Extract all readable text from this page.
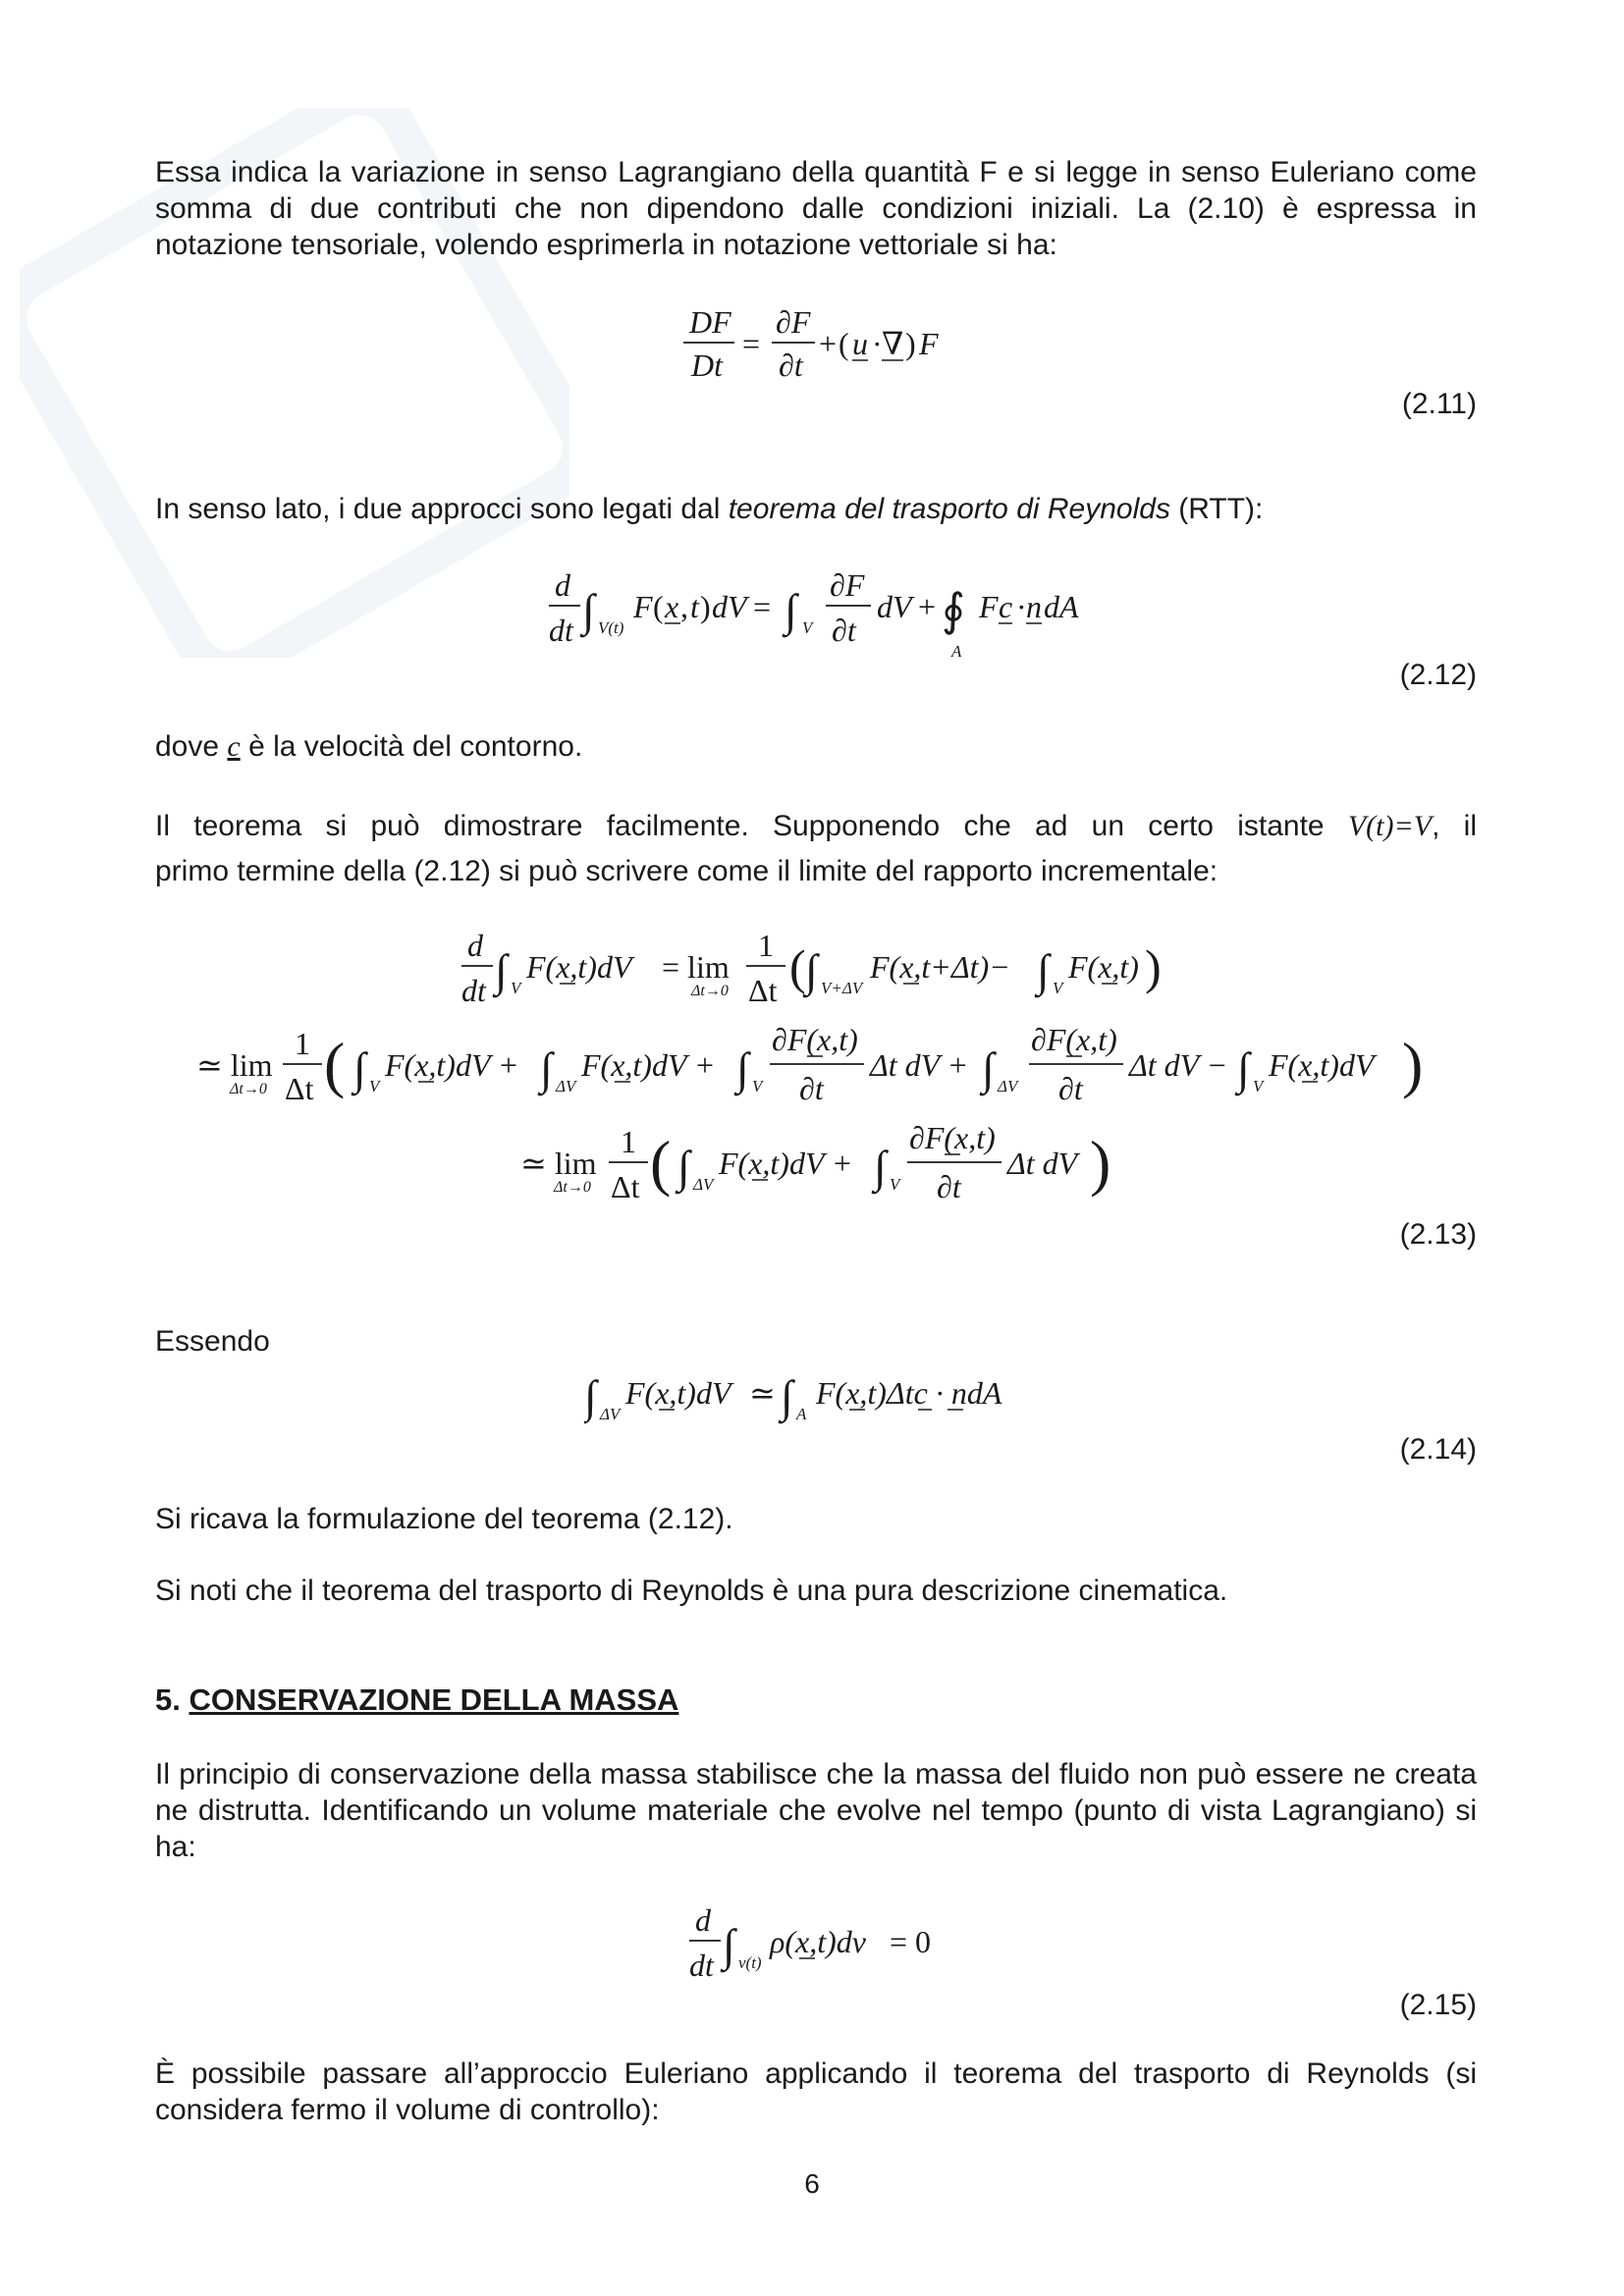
Essa indica la variazione in senso Lagrangiano della quantità F e si legge in senso Euleriano come somma di due contributi che non dipendono dalle condizioni iniziali. La (2.10) è espressa in notazione tensoriale, volendo esprimerla in notazione vettoriale si ha:

DF
Dt
=
∂F
∂t
+ ( u · ∇ ) F
(2.11)

In senso lato, i due approcci sono legati dal teorema del trasporto di Reynolds (RTT):

d
dt ∫ V(t)
F ( x , t ) dV = ∫ V
∂F
∂t
dV + ∮
A
F c · n dA
(2.12)

dove c è la velocità del contorno.

Il teorema si può dimostrare facilmente. Supponendo che ad un certo istante V(t)=V, il

primo termine della (2.12) si può scrivere come il limite del rapporto incrementale:

d
dt ∫ V
F(x,t)dV = lim
Δt→0
1
Δt ( ∫ V+ΔV
F(x,t+Δt)− ∫ V
F(x,t) )
≃ lim
Δt→0
1
Δt ( ∫ V
F(x,t)dV + ∫ ΔV
F(x,t)dV + ∫ V
∂F(x,t)
∂t
Δt dV + ∫ ΔV
∂F(x,t)
∂t
Δt dV − ∫ V
F(x,t)dV )
≃ lim
Δt→0
1
Δt ( ∫ ΔV
F(x,t)dV + ∫ V
∂F(x,t)
∂t
Δt dV )
(2.13)

Essendo

∫ ΔV
F(x,t)dV ≃ ∫ A
F(x,t)Δtc · ndA
(2.14)

Si ricava la formulazione del teorema (2.12).

Si noti che il teorema del trasporto di Reynolds è una pura descrizione cinematica.

5. CONSERVAZIONE DELLA MASSA

Il principio di conservazione della massa stabilisce che la massa del fluido non può essere ne creata ne distrutta. Identificando un volume materiale che evolve nel tempo (punto di vista Lagrangiano) si ha:

d
dt ∫ v(t)
ρ(x,t)dv = 0
(2.15)

È possibile passare all’approccio Euleriano applicando il teorema del trasporto di Reynolds (si considera fermo il volume di controllo):

6
